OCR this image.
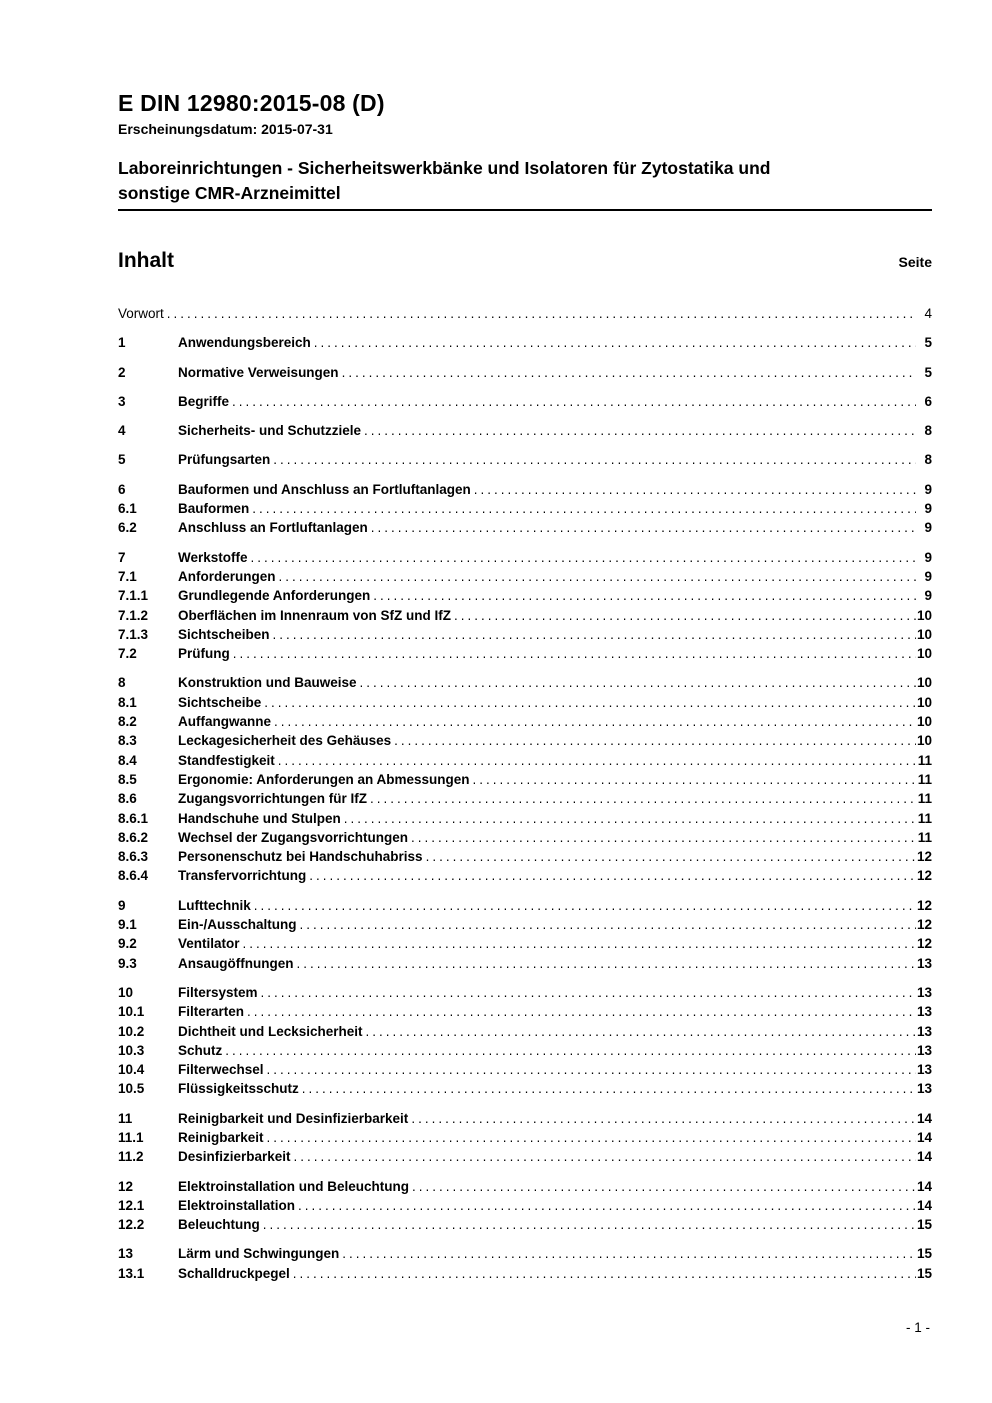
E DIN 12980:2015-08 (D)
Erscheinungsdatum: 2015-07-31
Laboreinrichtungen - Sicherheitswerkbänke und Isolatoren für Zytostatika und
sonstige CMR-Arzneimittel
Inhalt	Seite
Vorwort .....	4
1	Anwendungsbereich .....	5
2	Normative Verweisungen .....	5
3	Begriffe .....	6
4	Sicherheits- und Schutzziele .....	8
5	Prüfungsarten .....	8
6	Bauformen und Anschluss an Fortluftanlagen .....	9
6.1	Bauformen .....	9
6.2	Anschluss an Fortluftanlagen .....	9
7	Werkstoffe .....	9
7.1	Anforderungen .....	9
7.1.1	Grundlegende Anforderungen .....	9
7.1.2	Oberflächen im Innenraum von SfZ und IfZ .....	10
7.1.3	Sichtscheiben .....	10
7.2	Prüfung .....	10
8	Konstruktion und Bauweise .....	10
8.1	Sichtscheibe .....	10
8.2	Auffangwanne .....	10
8.3	Leckagesicherheit des Gehäuses .....	10
8.4	Standfestigkeit .....	11
8.5	Ergonomie: Anforderungen an Abmessungen .....	11
8.6	Zugangsvorrichtungen für IfZ .....	11
8.6.1	Handschuhe und Stulpen .....	11
8.6.2	Wechsel der Zugangsvorrichtungen .....	11
8.6.3	Personenschutz bei Handschuhabriss .....	12
8.6.4	Transfervorrichtung .....	12
9	Lufttechnik .....	12
9.1	Ein-/Ausschaltung .....	12
9.2	Ventilator .....	12
9.3	Ansaugöffnungen .....	13
10	Filtersystem .....	13
10.1	Filterarten .....	13
10.2	Dichtheit und Lecksicherheit .....	13
10.3	Schutz .....	13
10.4	Filterwechsel .....	13
10.5	Flüssigkeitsschutz .....	13
11	Reinigbarkeit und Desinfizierbarkeit .....	14
11.1	Reinigbarkeit .....	14
11.2	Desinfizierbarkeit .....	14
12	Elektroinstallation und Beleuchtung .....	14
12.1	Elektroinstallation .....	14
12.2	Beleuchtung .....	15
13	Lärm und Schwingungen .....	15
13.1	Schalldruckpegel .....	15
- 1 -
